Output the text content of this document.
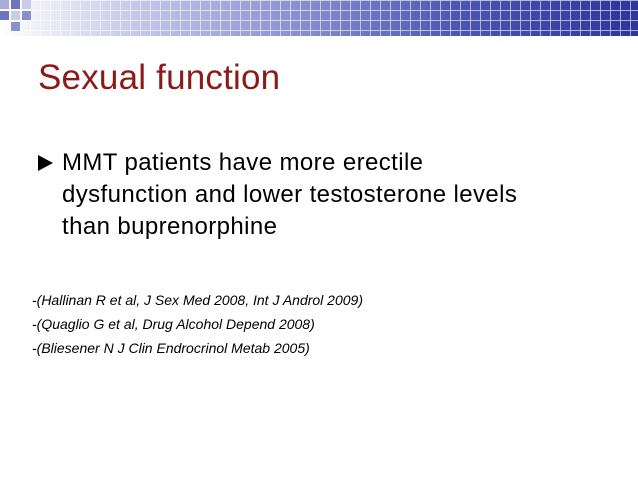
Sexual function
MMT patients have more erectile
dysfunction and lower testosterone levels
than buprenorphine
-(Hallinan R et al, J Sex Med 2008, Int J Androl 2009)
-(Quaglio G et al, Drug Alcohol Depend 2008)
-(Bliesener N J Clin Endrocrinol Metab 2005)
